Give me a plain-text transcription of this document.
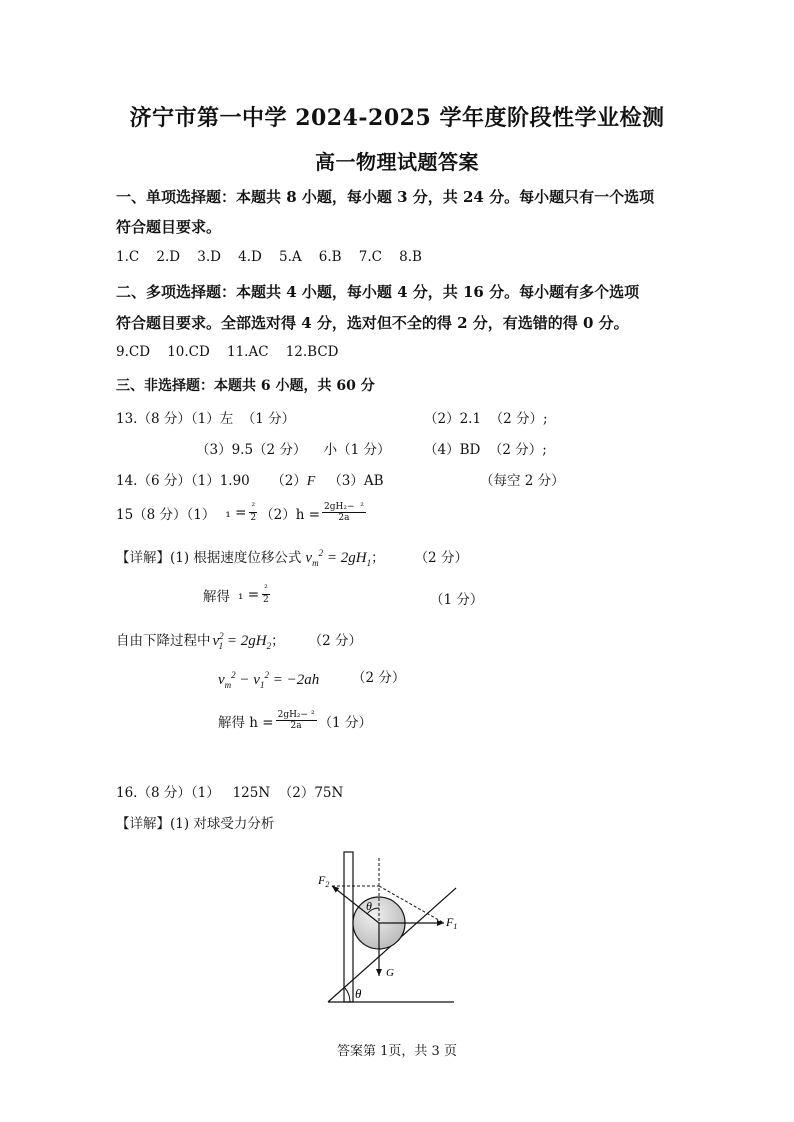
济宁市第一中学 2024-2025 学年度阶段性学业检测
高一物理试题答案
一、单项选择题：本题共 8 小题，每小题 3 分，共 24 分。每小题只有一个选项
符合题目要求。
1.C    2.D    3.D    4.D    5.A    6.B    7.C    8.B
二、多项选择题：本题共 4 小题，每小题 4 分，共 16 分。每小题有多个选项
符合题目要求。全部选对得 4 分，选对但不全的得 2 分，有选错的得 0 分。
9.CD    10.CD    11.AC    12.BCD
三、非选择题：本题共 6 小题，共 60 分
13.（8 分）（1）左  （1 分）	（2）2.1  （2 分）;
（3）9.5（2 分）    小（1 分） （4）BD  （2 分）;
14.（6 分）（1）1.90     （2）F   （3）AB	（每空 2 分）
15（8 分）（1） $_1 = \frac{\text{²}}{2} (2)h = \frac{\text{2gH₂−  ²}}{2a}$
【详解】(1) 根据速度位移公式 $v_m^2 = 2gH_1$ ； （2 分）
解得 $_1 = \frac{\text{²}}{2}$	（1 分）
自由下降过程中 $v^2_1 = 2gH_2$ ； （2 分）
$v_m^2 - v_1^2 = -2ah$ （2 分）
解得 $h = \frac{\text{2gH₂− ²}}{2a} (1$ 分）
16.（8 分）（1）   125N  （2）75N
【详解】(1) 对球受力分析
$F_2$
$F_1$
G
θ
θ
答案第 1页，共 3 页
